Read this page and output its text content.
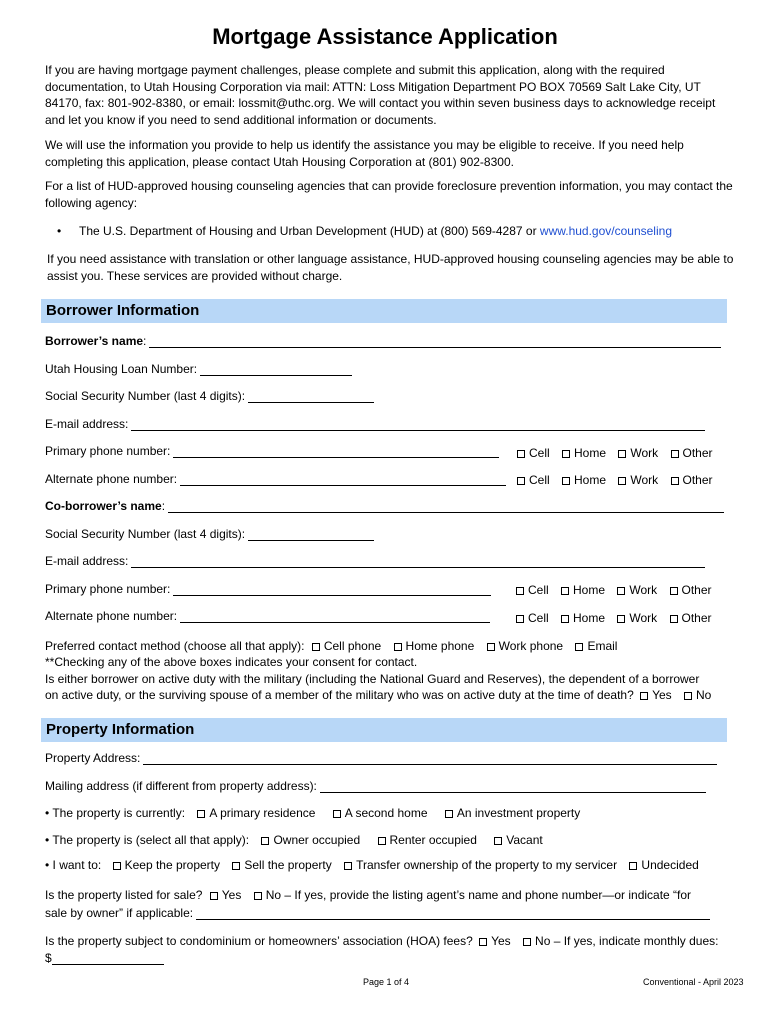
Mortgage Assistance Application
If you are having mortgage payment challenges, please complete and submit this application, along with the required documentation, to Utah Housing Corporation via mail: ATTN: Loss Mitigation Department PO BOX 70569 Salt Lake City, UT 84170, fax: 801-902-8380, or email: lossmit@uthc.org. We will contact you within seven business days to acknowledge receipt and let you know if you need to send additional information or documents.
We will use the information you provide to help us identify the assistance you may be eligible to receive. If you need help completing this application, please contact Utah Housing Corporation at (801) 902-8300.
For a list of HUD-approved housing counseling agencies that can provide foreclosure prevention information, you may contact the following agency:
• The U.S. Department of Housing and Urban Development (HUD) at (800) 569-4287 or www.hud.gov/counseling
If you need assistance with translation or other language assistance, HUD-approved housing counseling agencies may be able to assist you. These services are provided without charge.
Borrower Information
Borrower’s name :
Utah Housing Loan Number:
Social Security Number (last 4 digits):
E-mail address:
Primary phone number:	Cell Home Work Other
Alternate phone number:	Cell Home Work Other
Co-borrower’s name :
Social Security Number (last 4 digits):
E-mail address:
Primary phone number:	Cell Home Work Other
Alternate phone number:	Cell Home Work Other
Preferred contact method (choose all that apply): Cell phone Home phone Work phone Email
**Checking any of the above boxes indicates your consent for contact.
Is either borrower on active duty with the military (including the National Guard and Reserves), the dependent of a borrower
on active duty, or the surviving spouse of a member of the military who was on active duty at the time of death? Yes No
Property Information
Property Address:
Mailing address (if different from property address):
• The property is currently: A primary residence A second home An investment property
• The property is (select all that apply): Owner occupied Renter occupied Vacant
• I want to: Keep the property Sell the property Transfer ownership of the property to my servicer Undecided
Is the property listed for sale? Yes No – If yes, provide the listing agent’s name and phone number—or indicate “for
sale by owner” if applicable:
Is the property subject to condominium or homeowners’ association (HOA) fees? Yes No – If yes, indicate monthly dues:
$
Page 1 of 4	Conventional - April 2023
